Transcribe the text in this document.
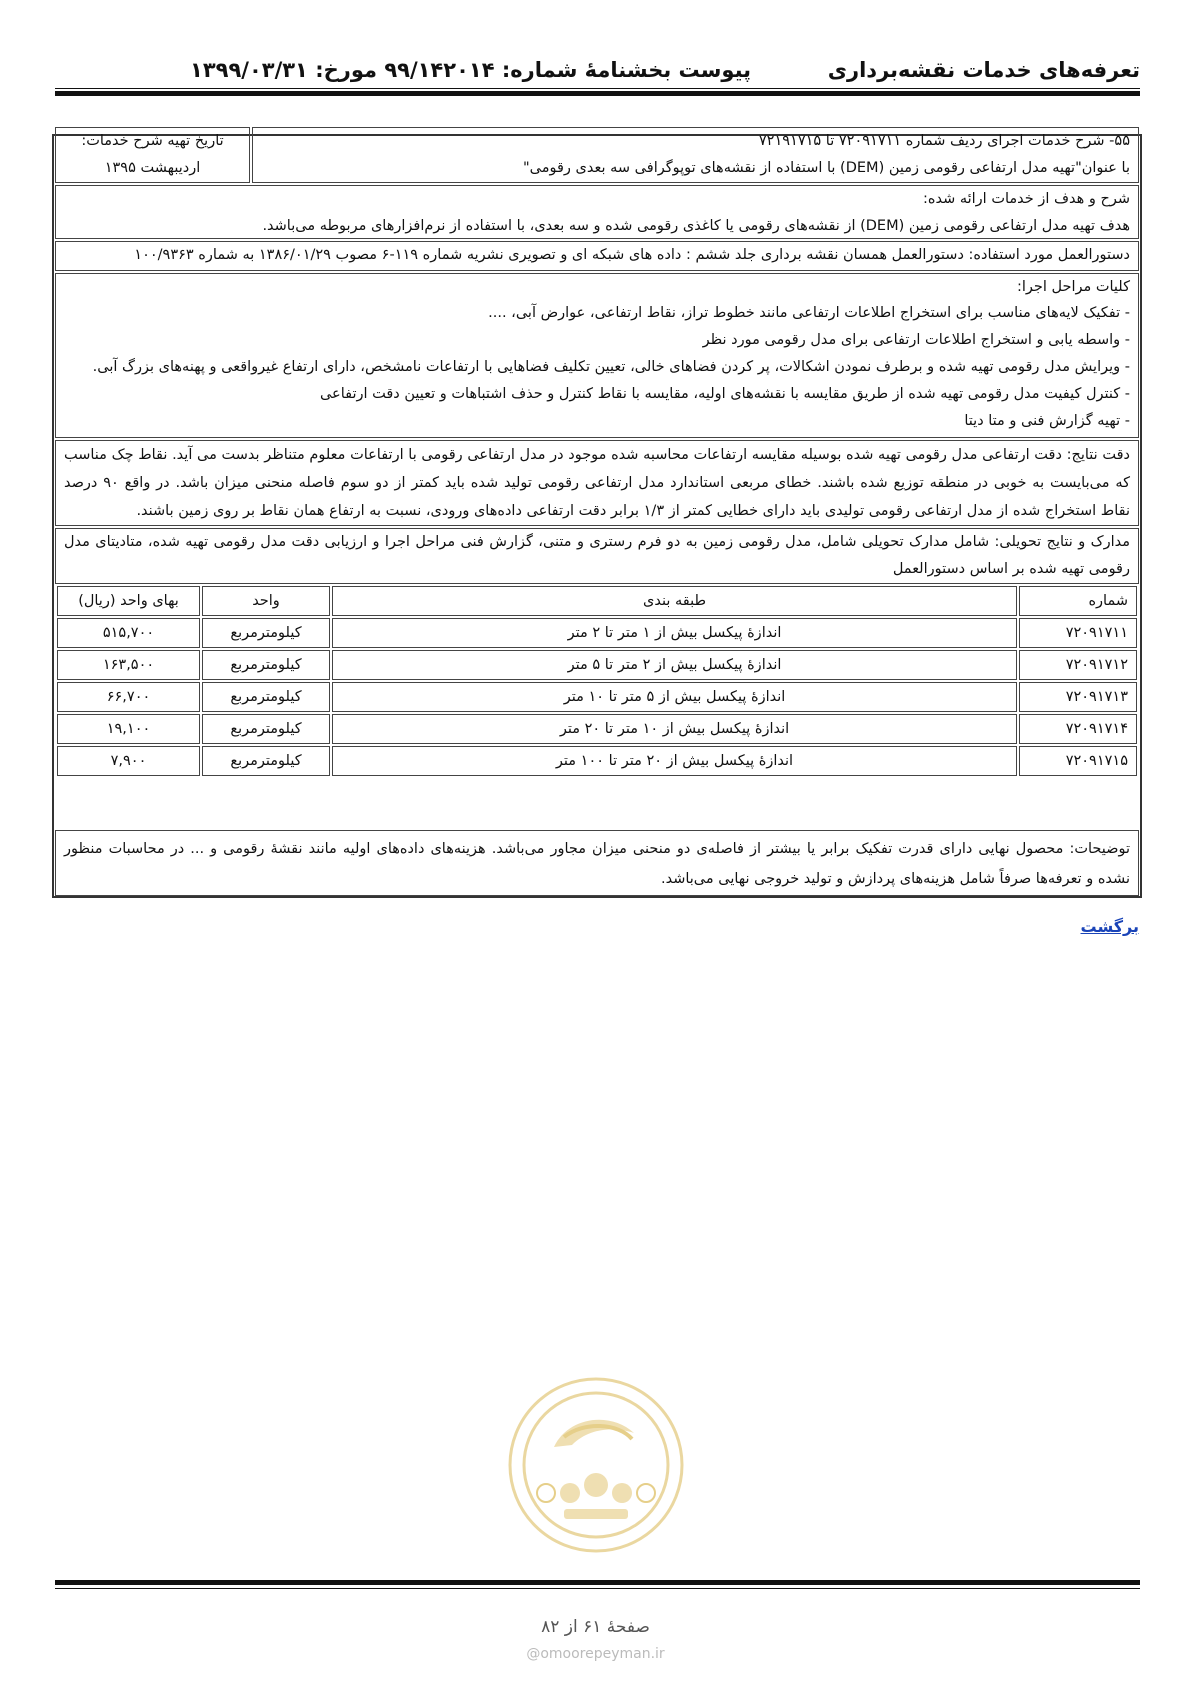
تعرفه‌های خدمات نقشه‌برداری
پیوست بخشنامۀ شماره: ۹۹/۱۴۲۰۱۴ مورخ: ۱۳۹۹/۰۳/۳۱

۵۵- شرح خدمات اجرای ردیف شماره ۷۲۰۹۱۷۱۱ تا ۷۲۱۹۱۷۱۵

با عنوان"تهیه مدل ارتفاعی رقومی زمین (DEM) با استفاده از نقشه‌های توپوگرافی سه بعدی رقومی"

تاریخ تهیه شرح خدمات:
اردیبهشت ۱۳۹۵

شرح و هدف از خدمات ارائه شده:

هدف تهیه مدل ارتفاعی رقومی زمین (DEM) از نقشه‌های رقومی یا کاغذی رقومی شده و سه بعدی، با استفاده از نرم‌افزارهای مربوطه می‌باشد.

دستورالعمل مورد استفاده: دستورالعمل همسان نقشه برداری جلد ششم : داده های شبکه ای و تصویری نشریه شماره ۱۱۹-۶ مصوب ۱۳۸۶/۰۱/۲۹ به شماره ۱۰۰/۹۳۶۳

کلیات مراحل اجرا:

- تفکیک لایه‌های مناسب برای استخراج اطلاعات ارتفاعی مانند خطوط تراز، نقاط ارتفاعی، عوارض آبی، ....

- واسطه یابی و استخراج اطلاعات ارتفاعی برای مدل رقومی مورد نظر

- ویرایش مدل رقومی تهیه شده و برطرف نمودن اشکالات، پر کردن فضاهای خالی، تعیین تکلیف فضاهایی با ارتفاعات نامشخص، دارای ارتفاع غیرواقعی و پهنه‌های بزرگ آبی.

- کنترل کیفیت مدل رقومی تهیه شده از طریق مقایسه با نقشه‌های اولیه، مقایسه با نقاط کنترل و حذف اشتباهات و تعیین دقت ارتفاعی

- تهیه گزارش فنی و متا دیتا

دقت نتایج: دقت ارتفاعی مدل رقومی تهیه شده بوسیله مقایسه ارتفاعات محاسبه شده موجود در مدل ارتفاعی رقومی با ارتفاعات معلوم متناظر بدست می آید. نقاط چک مناسب

که می‌بایست به خوبی در منطقه توزیع شده باشند. خطای مربعی استاندارد مدل ارتفاعی رقومی تولید شده باید کمتر از دو سوم فاصله منحنی میزان باشد. در واقع ۹۰ درصد

نقاط استخراج شده از مدل ارتفاعی رقومی تولیدی باید دارای خطایی کمتر از ۱/۳ برابر دقت ارتفاعی داده‌های ورودی، نسبت به ارتفاع همان نقاط بر روی زمین باشند.

مدارک و نتایج تحویلی: شامل مدارک تحویلی شامل، مدل رقومی زمین به دو فرم رستری و متنی، گزارش فنی مراحل اجرا و ارزیابی دقت مدل رقومی تهیه شده، متادیتای مدل

رقومی تهیه شده بر اساس دستورالعمل

شماره	طبقه بندی	واحد	بهای واحد (ریال)
۷۲۰۹۱۷۱۱	اندازۀ پیکسل بیش از ۱ متر تا ۲ متر	کیلومترمربع	۵۱۵,۷۰۰
۷۲۰۹۱۷۱۲	اندازۀ پیکسل بیش از ۲ متر تا ۵ متر	کیلومترمربع	۱۶۳,۵۰۰
۷۲۰۹۱۷۱۳	اندازۀ پیکسل بیش از ۵ متر تا ۱۰ متر	کیلومترمربع	۶۶,۷۰۰
۷۲۰۹۱۷۱۴	اندازۀ پیکسل بیش از ۱۰ متر تا ۲۰ متر	کیلومترمربع	۱۹,۱۰۰
۷۲۰۹۱۷۱۵	اندازۀ پیکسل بیش از ۲۰ متر تا ۱۰۰ متر	کیلومترمربع	۷,۹۰۰

توضیحات: محصول نهایی دارای قدرت تفکیک برابر یا بیشتر از فاصله‌ی دو منحنی میزان مجاور می‌باشد. هزینه‌های داده‌های اولیه مانند نقشۀ رقومی و ... در محاسبات منظور

نشده و تعرفه‌ها صرفاً شامل هزینه‌های پردازش و تولید خروجی نهایی می‌باشد.

برگشت
صفحۀ ۶۱ از ۸۲
@omoorepeyman.ir
